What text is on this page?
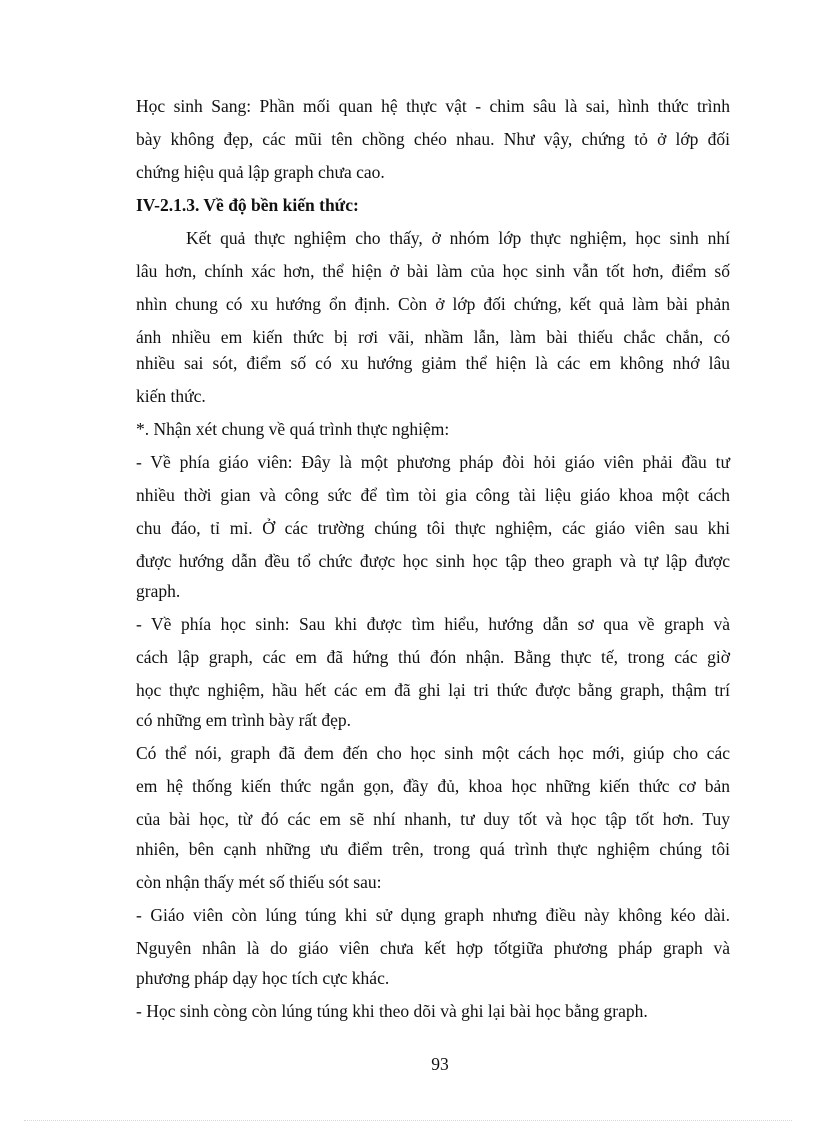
Học sinh Sang: Phần mối quan hệ thực vật - chim sâu là sai, hình thức trình

bày không đẹp, các mũi tên chồng chéo nhau. Như vậy, chứng tỏ ở lớp đối

chứng hiệu quả lập graph chưa cao.

IV-2.1.3. Về độ bền kiến thức:

Kết quả thực nghiệm cho thấy, ở nhóm lớp thực nghiệm, học sinh nhí

lâu hơn, chính xác hơn, thể hiện ở bài làm của học sinh vẫn tốt hơn, điểm số

nhìn chung có xu hướng ổn định. Còn ở lớp đối chứng, kết quả làm bài phản

ánh nhiều em kiến thức bị rơi vãi, nhầm lẫn, làm bài thiếu chắc chắn, có

nhiều sai sót, điểm số có xu hướng giảm thể hiện là các em không nhớ lâu

kiến thức.

*. Nhận xét chung về quá trình thực nghiệm:

- Về phía giáo viên: Đây là một phương pháp đòi hỏi giáo viên phải đầu tư

nhiều thời gian và công sức để tìm tòi gia công tài liệu giáo khoa một cách

chu đáo, tỉ mỉ. Ở các trường chúng tôi thực nghiệm, các giáo viên sau khi

được hướng dẫn đều tổ chức được học sinh học tập theo graph và tự lập được

graph.

- Về phía học sinh: Sau khi được tìm hiểu, hướng dẫn sơ qua về graph và

cách lập graph, các em đã hứng thú đón nhận. Bằng thực tế, trong các giờ

học thực nghiệm, hầu hết các em đã ghi lại tri thức được bằng graph, thậm trí

có những em trình bày rất đẹp.

Có thể nói, graph đã đem đến cho học sinh một cách học mới, giúp cho các

em hệ thống kiến thức ngắn gọn, đầy đủ, khoa học những kiến thức cơ bản

của bài học, từ đó các em sẽ nhí nhanh, tư duy tốt và học tập tốt hơn. Tuy

nhiên, bên cạnh những ưu điểm trên, trong quá trình thực nghiệm chúng tôi

còn nhận thấy mét số thiếu sót sau:

- Giáo viên còn lúng túng khi sử dụng graph nhưng điều này không kéo dài.

Nguyên nhân là do giáo viên chưa kết hợp tốtgiữa phương pháp graph và

phương pháp dạy học tích cực khác.

- Học sinh còng còn lúng túng khi theo dõi và ghi lại bài học bằng graph.

93
